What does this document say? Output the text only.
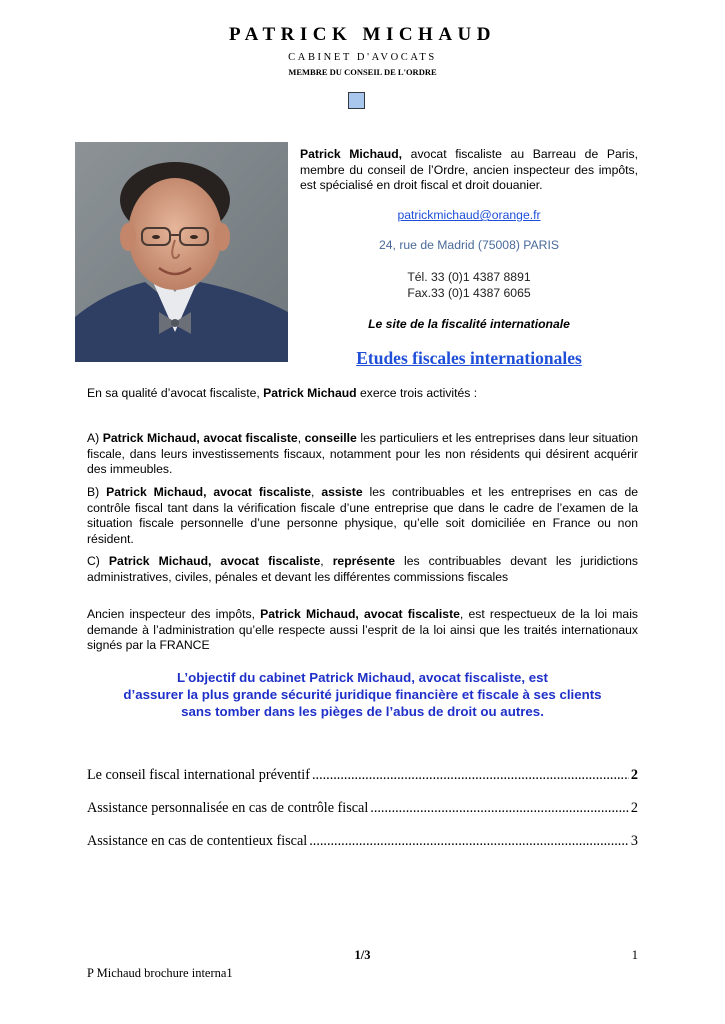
PATRICK MICHAUD
CABINET D'AVOCATS
MEMBRE DU CONSEIL DE L'ORDRE
Patrick Michaud, avocat fiscaliste au Barreau de Paris, membre du conseil de l’Ordre, ancien inspecteur des impôts, est spécialisé en droit fiscal et droit douanier.
patrickmichaud@orange.fr
24, rue de Madrid (75008) PARIS
Tél. 33 (0)1 4387 8891
Fax.33 (0)1 4387 6065
Le site de la fiscalité internationale
Etudes fiscales internationales
En sa qualité d’avocat fiscaliste, Patrick Michaud exerce trois activités :
A) Patrick Michaud, avocat fiscaliste, conseille les particuliers et les entreprises dans leur situation fiscale, dans leurs investissements fiscaux, notamment pour les non résidents qui désirent acquérir des immeubles.
B) Patrick Michaud, avocat fiscaliste, assiste les contribuables et les entreprises en cas de contrôle fiscal tant dans la vérification fiscale d’une entreprise que dans le cadre de l’examen de la situation fiscale personnelle d’une personne physique, qu’elle soit domiciliée en France ou non résident.
C) Patrick Michaud, avocat fiscaliste, représente les contribuables devant les juridictions administratives, civiles, pénales et devant les différentes commissions fiscales
Ancien inspecteur des impôts, Patrick Michaud, avocat fiscaliste, est respectueux de la loi mais demande à l’administration qu’elle respecte aussi l’esprit de la loi ainsi que les traités internationaux signés par la FRANCE
L’objectif du cabinet Patrick Michaud, avocat fiscaliste, est
d’assurer la plus grande sécurité juridique financière et fiscale à ses clients
sans tomber dans les pièges de l’abus de droit ou autres.
Le conseil fiscal international préventif .....	2
Assistance personnalisée en cas de contrôle fiscal .....	2
Assistance en cas de contentieux fiscal .....	3
1/3	1
P Michaud brochure interna1
